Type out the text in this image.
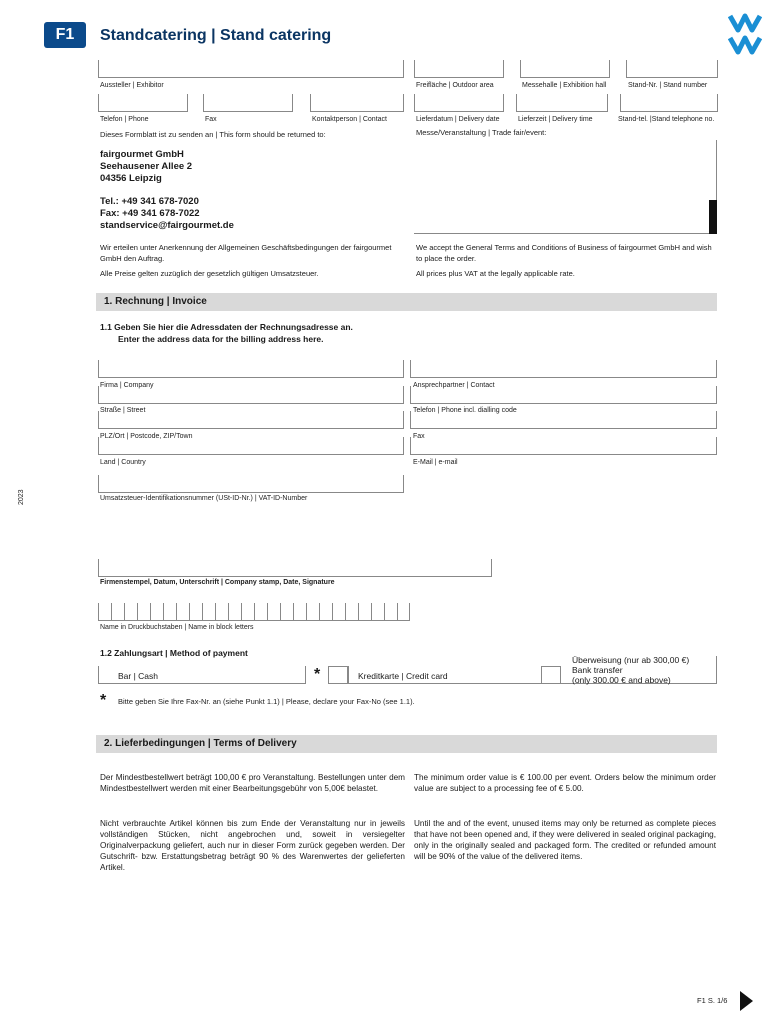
F1	Standcatering | Stand catering
Aussteller | Exhibitor	Freifläche | Outdoor area	Messehalle | Exhibition hall	Stand-Nr. | Stand number
Telefon | Phone	Fax	Kontaktperson | Contact	Lieferdatum | Delivery date	Lieferzeit | Delivery time	Stand-tel. |Stand telephone no.
Dieses Formblatt ist zu senden an | This form should be returned to:	Messe/Veranstaltung | Trade fair/event:
fairgourmet GmbH
Seehausener Allee 2
04356 Leipzig
Tel.: +49 341 678-7020
Fax: +49 341 678-7022
standservice@fairgourmet.de
Wir erteilen unter Anerkennung der Allgemeinen Geschäftsbedingungen der fairgourmet GmbH den Auftrag.
Alle Preise gelten zuzüglich der gesetzlich gültigen Umsatzsteuer.
We accept the General Terms and Conditions of Business of fairgourmet GmbH and wish to place the order.
All prices plus VAT at the legally applicable rate.
1. Rechnung | Invoice
1.1 Geben Sie hier die Adressdaten der Rechnungsadresse an.
Enter the address data for the billing address here.
Firma | Company	Ansprechpartner | Contact
Straße | Street	Telefon | Phone incl. dialling code
PLZ/Ort | Postcode, ZIP/Town	Fax
Land | Country	E-Mail | e-mail
Umsatzsteuer-Identifikationsnummer (USt-ID-Nr.) | VAT-ID-Number
2023
Firmenstempel, Datum, Unterschrift | Company stamp, Date, Signature
Name in Druckbuchstaben | Name in block letters
1.2 Zahlungsart | Method of payment
Bar | Cash	*	Kreditkarte | Credit card
Überweisung (nur ab 300,00 €)
Bank transfer
(only 300.00 € and above)
* Bitte geben Sie Ihre Fax-Nr. an (siehe Punkt 1.1) | Please, declare your Fax-No (see 1.1).
2. Lieferbedingungen | Terms of Delivery
Der Mindestbestellwert beträgt 100,00 € pro Veranstaltung. Bestellungen unter dem Mindestbestellwert werden mit einer Bearbeitungsgebühr von 5,00€ belastet.
Nicht verbrauchte Artikel können bis zum Ende der Veranstaltung nur in jeweils vollständigen Stücken, nicht angebrochen und, soweit in versiegelter Originalverpackung geliefert, auch nur in dieser Form zurück gegeben werden. Der Gutschrift- bzw. Erstattungsbetrag beträgt 90 % des Warenwertes der gelieferten Artikel.
The minimum order value is € 100.00 per event. Orders below the minimum order value are subject to a processing fee of € 5.00.
Until the and of the event, unused items may only be returned as complete pieces that have not been opened and, if they were delivered in sealed original packaging, only in the originally sealed and packaged form. The credited or refunded amount will be 90% of the value of the delivered items.
F1 S. 1/6
